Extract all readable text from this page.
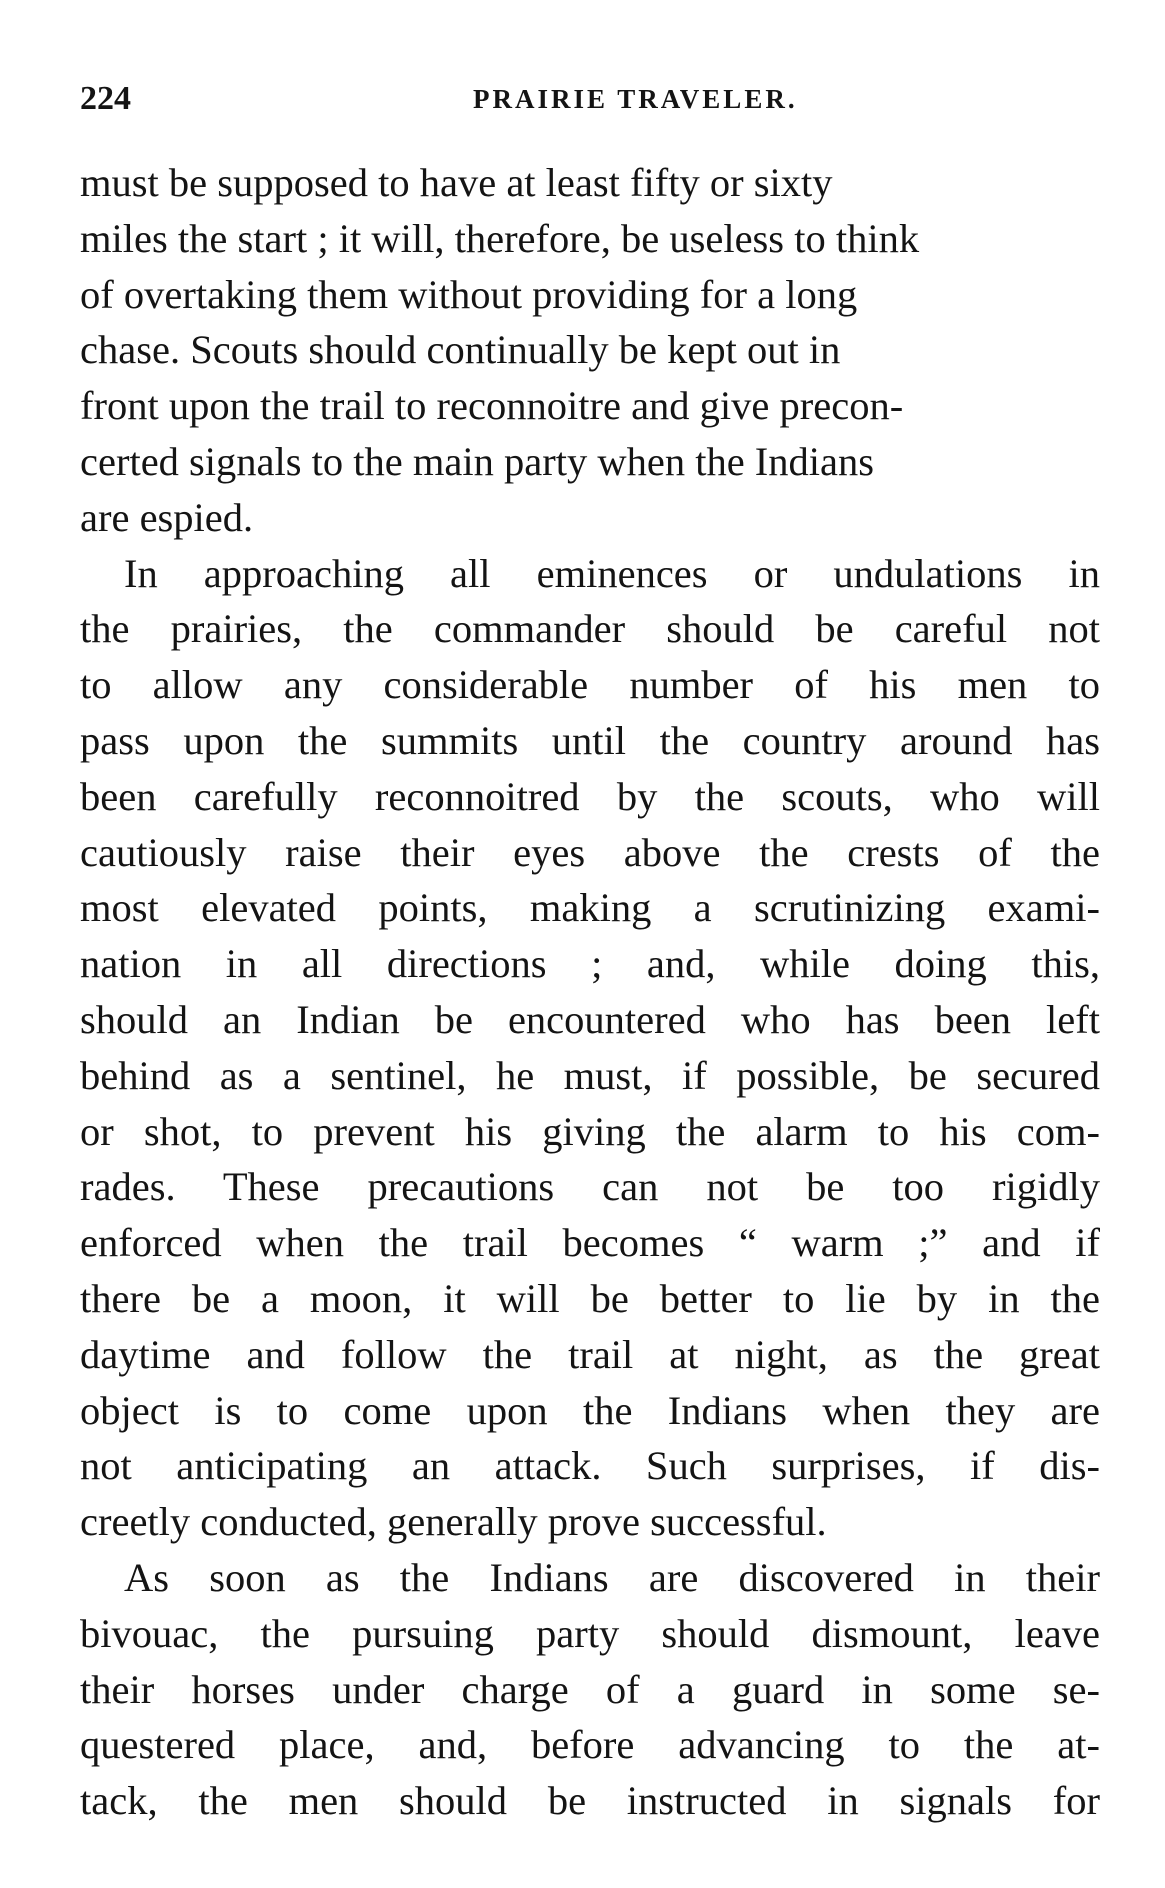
224	PRAIRIE TRAVELER.
must be supposed to have at least fifty or sixty
miles the start ; it will, therefore, be useless to think
of overtaking them without providing for a long
chase. Scouts should continually be kept out in
front upon the trail to reconnoitre and give precon-
certed signals to the main party when the Indians
are espied.
In approaching all eminences or undulations in
the prairies, the commander should be careful not
to allow any considerable number of his men to
pass upon the summits until the country around has
been carefully reconnoitred by the scouts, who will
cautiously raise their eyes above the crests of the
most elevated points, making a scrutinizing exami-
nation in all directions ; and, while doing this,
should an Indian be encountered who has been left
behind as a sentinel, he must, if possible, be secured
or shot, to prevent his giving the alarm to his com-
rades. These precautions can not be too rigidly
enforced when the trail becomes “ warm ;” and if
there be a moon, it will be better to lie by in the
daytime and follow the trail at night, as the great
object is to come upon the Indians when they are
not anticipating an attack. Such surprises, if dis-
creetly conducted, generally prove successful.
As soon as the Indians are discovered in their
bivouac, the pursuing party should dismount, leave
their horses under charge of a guard in some se-
questered place, and, before advancing to the at-
tack, the men should be instructed in signals for
